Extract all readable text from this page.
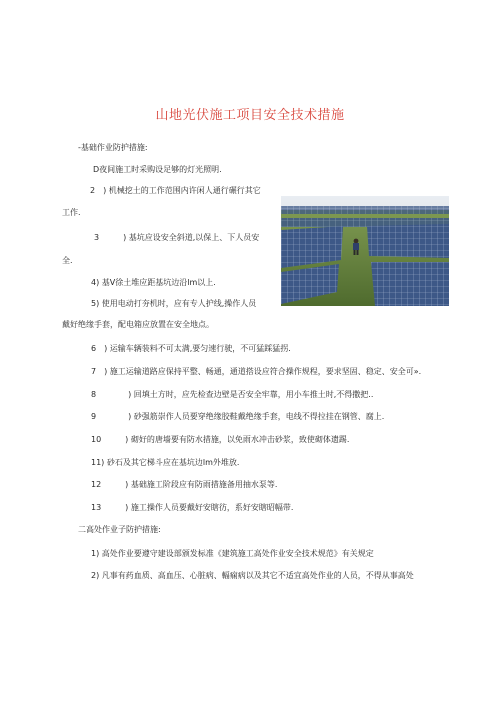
山地光伏施工项目安全技术措施
-基础作业防护措施:
D夜间施工时采购设足够的灯光照明.
2　) 机械挖土的工作范围内许闲人通行碾行其它
工作.
3　　　) 基坑应设安全斜道,以保上、下人员安
全.
4) 基V徐土堆应距基坑边沿lm以上.
5) 使用电动打夯机时，应有专人护线,操作人员
戴好绝缘手套，配电箱应放置在安全地点。
6　) 运输车辆装料不可太满,要匀速行驶，不可猛踩猛拐.
7　) 施工运输道路应保持平整、畅通，通道搭设应符合操作规程，要求坚固、稳定、安全可».
8　　　　) 回填土方时，应先检查边壁是否安全牢靠，用小车推土时,不得撒把..
9　　　　) 砂强筋崇作人员要穿绝缘胶鞋戴绝缘手套，电线不得拉挂在钢管、腐上.
10　　　) 砌好的唐墙要有防水措施，以免雨水冲击砂浆，致使砌体遗踢.
11) 砂石及其它梯斗应在基坑边lm外堆放.
12　　　) 基础施工阶段应有防雨措施备用抽水泵等.
13　　　) 施工操作人员要戴好安瞎彷，系好安瞎昭幅带.
二高处作业子防护措施:
1) 高处作业要遵守建设部颁发标准《建筑施工高处作业安全技术规范》有关规定
2) 凡事有药血质、高血压、心脏病、輻痫病以及其它不适宜高处作业的人员，不得从事高处
